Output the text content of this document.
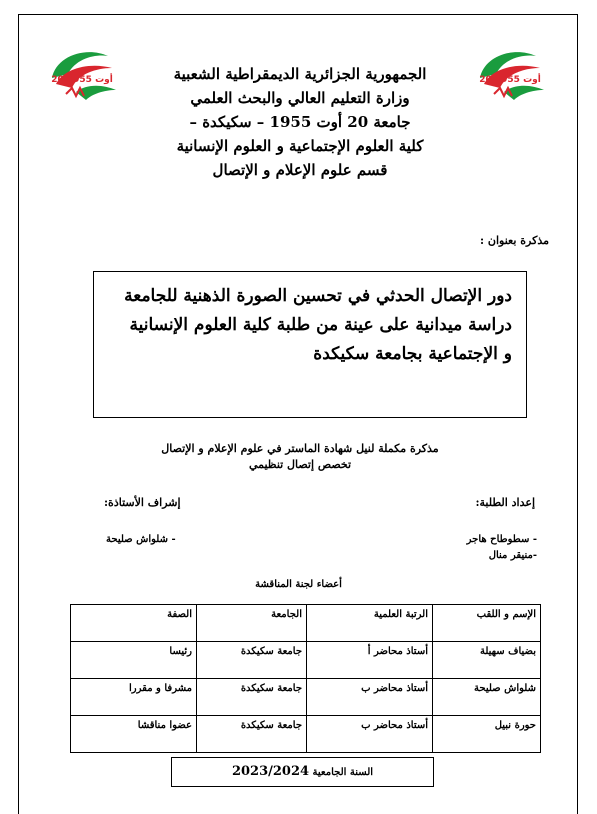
20 أوت 1955	20 أوت 1955
الجمهورية الجزائرية الديمقراطية الشعبية
وزارة التعليم العالي والبحث العلمي
جامعة 20 أوت 1955 – سكيكدة –
كلية العلوم الإجتماعية و العلوم الإنسانية
قسم علوم الإعلام و الإتصال
مذكرة بعنوان :
دور الإتصال الحدثي في تحسين الصورة الذهنية للجامعة
دراسة ميدانية على عينة من طلبة كلية العلوم الإنسانية
و الإجتماعية بجامعة سكيكدة
مذكرة مكملة لنيل شهادة الماستر في علوم الإعلام و الإتصال
تخصص إتصال تنظيمي
إعداد الطلبة:
إشراف الأستاذة:
- سطوطاح هاجر
-منيقر منال
- شلواش صليحة
أعضاء لجنة المناقشة
الإسم و اللقب	الرتبة العلمية	الجامعة	الصفة
بضياف سهيلة	أستاذ محاضر أ	جامعة سكيكدة	رئيسا
شلواش صليحة	أستاذ محاضر ب	جامعة سكيكدة	مشرفا و مقررا
حورة نبيل	أستاذ محاضر ب	جامعة سكيكدة	عضوا مناقشا
السنة الجامعية 2023/2024
